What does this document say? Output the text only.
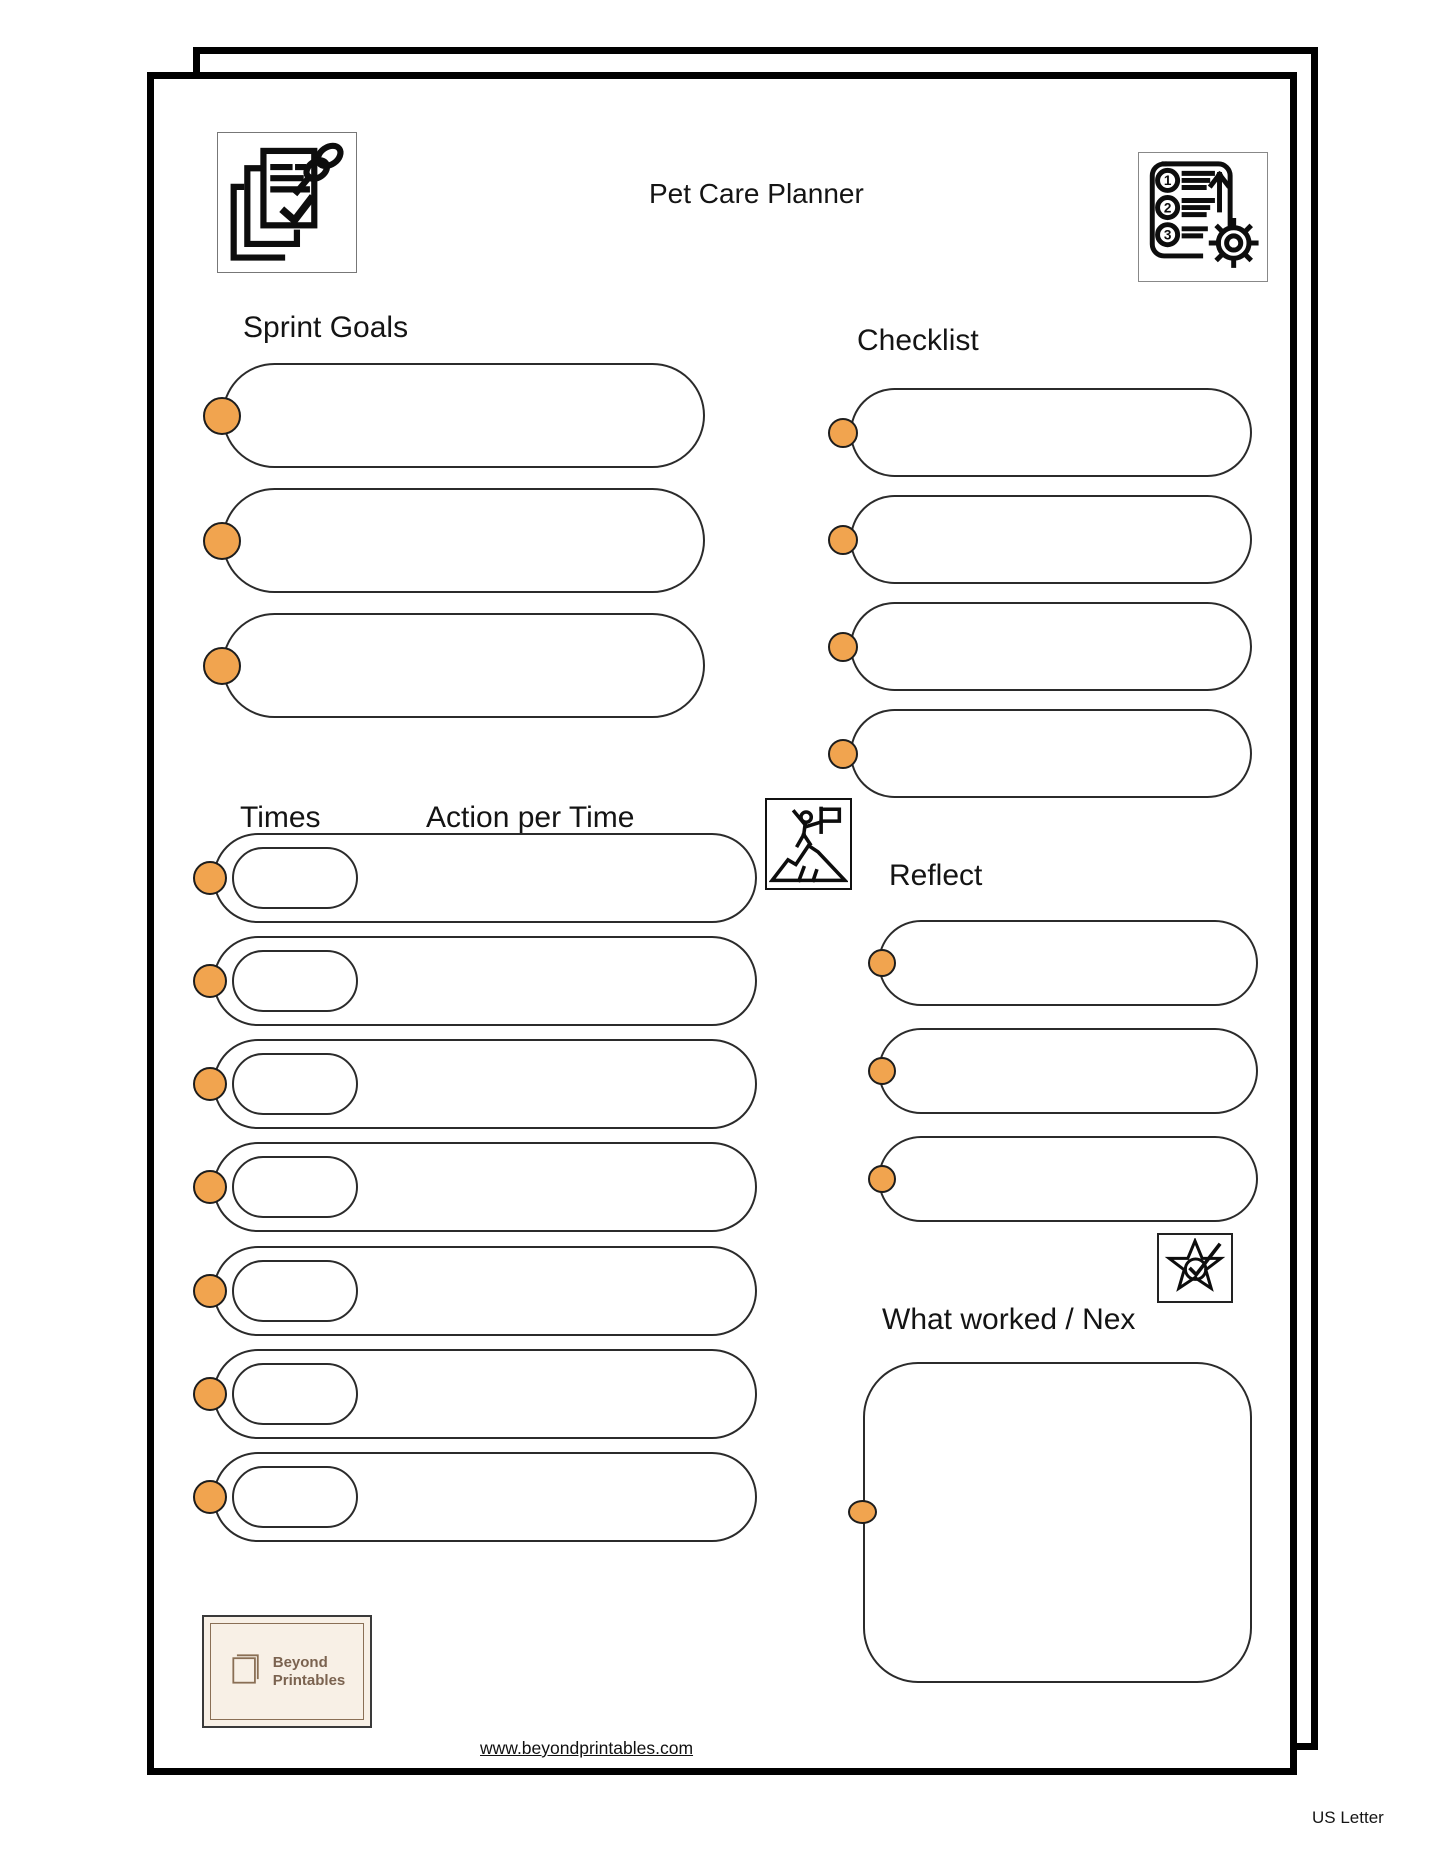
1
2
3
Pet Care Planner
Sprint Goals	Checklist
Times	Action per Time
Reflect
What worked / Nex
Beyond
Printables
www.beyondprintables.com
US Letter
